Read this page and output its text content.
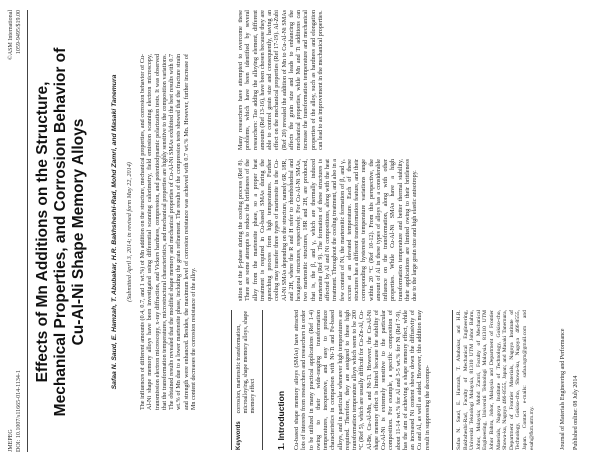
JMEPEG DOI: 10.1007/s11665-014-1134-1
©ASM International 1059-9495/$19.00
Effects of Mn Additions on the Structure, Mechanical Properties, and Corrosion Behavior of Cu-Al-Ni Shape Memory Alloys	Safaa N. Saud, E. Hamzah, T. Abubakar, H.R. Bakhsheshi-Rad, Mohd Zamri, and Masaki Tanemura (Submitted April 3, 2014; in revised form May 22, 2014) The influences of different amounts (0.4, 0.7, and 1 wt.%) of Mn addition on the structure, mechanical properties, and corrosion behavior of Cu-Al-Ni shape memory alloys have been investigated using differential scanning calorimetry, field emission scanning electron microscopy, transmission electron microscopy, x-ray diffraction, and Vickers hardness, compression, and potentiodynamic polarization tests. It was observed that the transformation temperatures, microstructural characteristics, and mechanical properties are highly sensitive to the composition variations. The obtained results revealed that the modified shape memory and mechanical properties of Cu-Al-Ni SMAs exhibited the best results with 0.7 wt.% of Mn due to a lower martensite phase, including the grain refinement. The results of the compression tests showed that the fracture strain and strength were enhanced. Besides, the maximum level of corrosion resistance was achieved with 0.7 wt.% Mn. However, further increase of Mn content decreases the corrosion resistance of the alloy.
Keywords
corrosion, martensitic transformation, microalloying, shape memory alloys, shape memory effect 1. Introduction Cu-based shape memory alloys (SMAs) have attracted lots of interests from researchers and researchers in order to be utilized in many practical applications (Ref 1-4) owing to their wide-ranging transformation temperatures, inexpensive, and easy to produce characteristics in comparison with Ni-Ti and Fe-based alloys, and in particular whenever high temperatures are required. Therefore, they are assigned to these high transformation temperature alloys which seem to be 200 °C (Ref 5), which are usually difficult for Cu-Zn-Al, Cu-Al-Be, Cu-Al-Mn, and Ni-Ti. However, the Cu-Al-Ni shape memory effect is limited because the stability of Cu-Al-Ni is extremely sensitive to the particular composition. For example, a specific composition of about 11-14 wt.% for Al and 3-5 wt.% for Ni (Ref 7-9), has the aim of achieving a shape memory effect, while an increased Ni content shows down the diffusivity of Cu and Al, as well as aided. However, this addition may result in suppressing the decompo-	Safaa N. Saud, E. Hamzah, T. Abubakar, and H.R. Bakhsheshi-Rad, Faculty of Mechanical Engineering, Universiti Teknologi Malaysia, 81310 UTM Johor Bahru, Johor, Malaysia; Mohd Zamri, Faculty of Mechanical Engineering, Universiti Teknologi Malaysia, 81310 UTM Johor Bahru, Johor, Malaysia and Department of Frontier Materials, Nagoya Institute of Technology, Gokiso-cho, Showa-ku, Nagoya 466-8555, Japan; and Masaki Tanemura, Department of Frontier Materials, Nagoya Institute of Technology, Gokiso-cho, Showa-ku, Nagoya 466-8555, Japan. Contact e-mails: safaa.ngm@gmail.com and esah@fkm.utm.my.	Journal of Materials Engineering and Performance Published online: 08 July 2014
sition of the β-phase during the cooling process (Ref 8). There are some attempts to reduce the brittleness of the alloy from the martensite phase, so a proper heat treatment is required in Cu-based SMAs during the quenching process from high temperatures. Further cooling may transfer three types of martensite in the Cu-Al-Ni SMAs depending on the structure, namely 6R, 18R, and 2H, where the R and H refer to rhombohedral and hexagonal structures, respectively. For Cu-Al-Ni SMAs, two martensitic structures, 18R and 2H, are produced, that is, the β₁ and γ₁ which are thermally induced martensite (Ref 9). The formation of these structures is affected by Al and Ni compositions, along with the heat treatment. Throughout the cooling treatment, and also in a few content of Ni, the martensitic formation of β₁ and γ₁ occurs at an elevated temperature. Each of these structures has a different transformation feature, and their corresponding hysteresis temperature variations range within 20 °C (Ref 10-12). From this perspective, the amount of Al in these types of alloys has a considerable influence on the transformation, along with other properties. While Cu-Al-Ni SMAs have a high transformation temperature and better thermal stability, their applications are limited owing to their brittleness due to the large grain size and high elastic anisotropy.
Many researchers have attempted to overcome these problems, which have been identified by several researchers: Tao adding the alloying element, different amounts (Ref 13-16), have been chosen because they are able to control grain size and consequently, having an effect on the mechanical properties (Ref 17-19). Al-Zubi (Ref 20) revealed the addition of Mn to Cu-Al-Ni SMAs affects the grain size and leads to enhancing the mechanical properties, while Mn and Ti additions can increase the transformation temperature and mechanical properties of the alloy, such as hardness and elongation can lead to an improvement in the mechanical properties.
